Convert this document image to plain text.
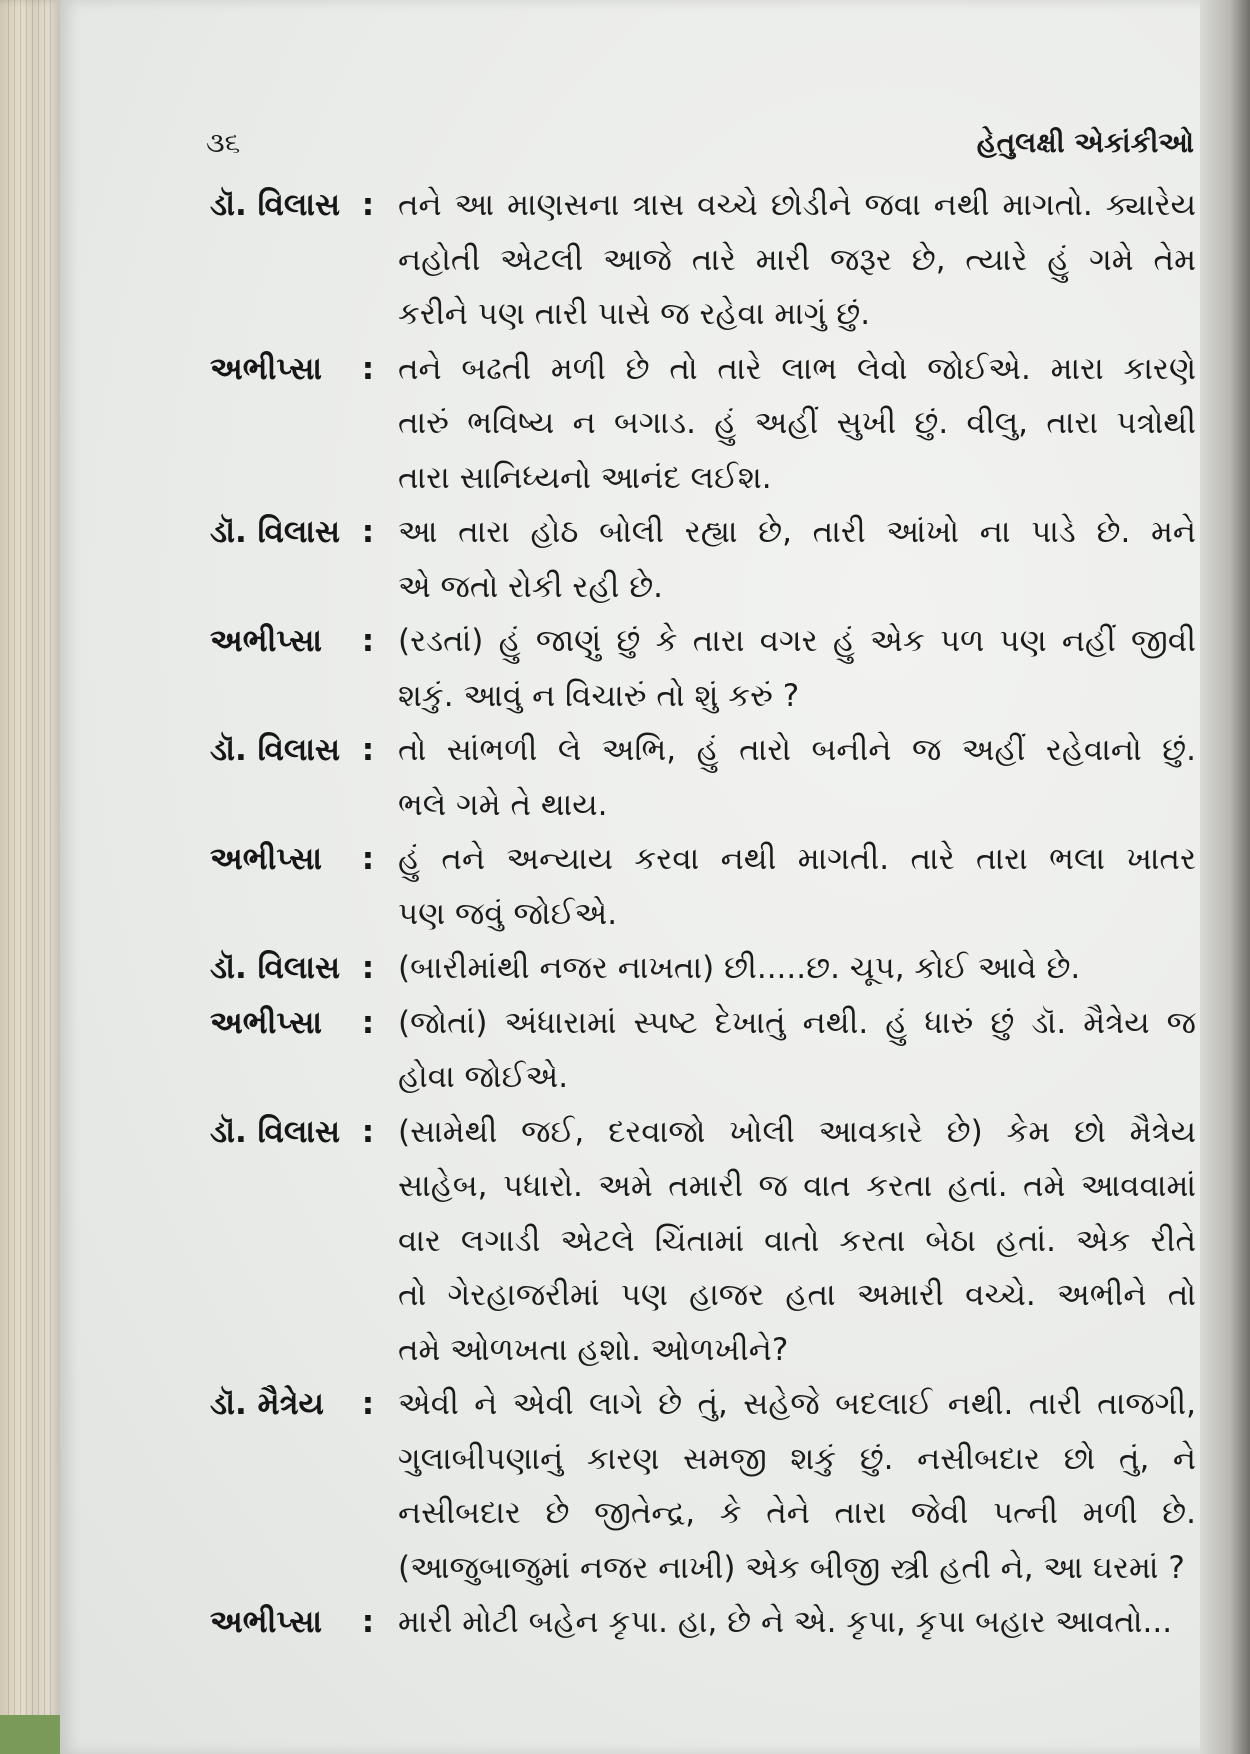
૩૬	હેતુલક્ષી એકાંકીઓ
ડૉ. વિલાસ : તને આ માણસના ત્રાસ વચ્ચે છોડીને જવા નથી માગતો. ક્યારેય
નહોતી એટલી આજે તારે મારી જરૂર છે, ત્યારે હું ગમે તેમ
કરીને પણ તારી પાસે જ રહેવા માગું છું.
અભીપ્સા	: તને બઢતી મળી છે તો તારે લાભ લેવો જોઈએ. મારા કારણે
તારું ભવિષ્ય ન બગાડ. હું અહીં સુખી છું. વીલુ, તારા પત્રોથી
તારા સાનિધ્યનો આનંદ લઈશ.
ડૉ. વિલાસ : આ તારા હોઠ બોલી રહ્યા છે, તારી આંખો ના પાડે છે. મને
એ જતો રોકી રહી છે.
અભીપ્સા	: (રડતાં) હું જાણું છું કે તારા વગર હું એક પળ પણ નહીં જીવી
શકું. આવું ન વિચારું તો શું કરું ?
ડૉ. વિલાસ : તો સાંભળી લે અભિ, હું તારો બનીને જ અહીં રહેવાનો છું.
ભલે ગમે તે થાય.
અભીપ્સા	: હું તને અન્યાય કરવા નથી માગતી. તારે તારા ભલા ખાતર
પણ જવું જોઈએ.
ડૉ. વિલાસ : (બારીમાંથી નજર નાખતા) છી.....છ. ચૂપ, કોઈ આવે છે.
અભીપ્સા	: (જોતાં) અંધારામાં સ્પષ્ટ દેખાતું નથી. હું ધારું છું ડૉ. મૈત્રેય જ
હોવા જોઈએ.
ડૉ. વિલાસ : (સામેથી જઈ, દરવાજો ખોલી આવકારે છે) કેમ છો મૈત્રેય
સાહેબ, પધારો. અમે તમારી જ વાત કરતા હતાં. તમે આવવામાં
વાર લગાડી એટલે ચિંતામાં વાતો કરતા બેઠા હતાં. એક રીતે
તો ગેરહાજરીમાં પણ હાજર હતા અમારી વચ્ચે. અભીને તો
તમે ઓળખતા હશો. ઓળખીને?
ડૉ. મૈત્રેય	: એવી ને એવી લાગે છે તું, સહેજે બદલાઈ નથી. તારી તાજગી,
ગુલાબીપણાનું કારણ સમજી શકું છું. નસીબદાર છો તું, ને
નસીબદાર છે જીતેન્દ્ર, કે તેને તારા જેવી પત્ની મળી છે.
(આજુબાજુમાં નજર નાખી) એક બીજી સ્ત્રી હતી ને, આ ઘરમાં ?
અભીપ્સા	: મારી મોટી બહેન કૃપા. હા, છે ને એ. કૃપા, કૃપા બહાર આવતો...
